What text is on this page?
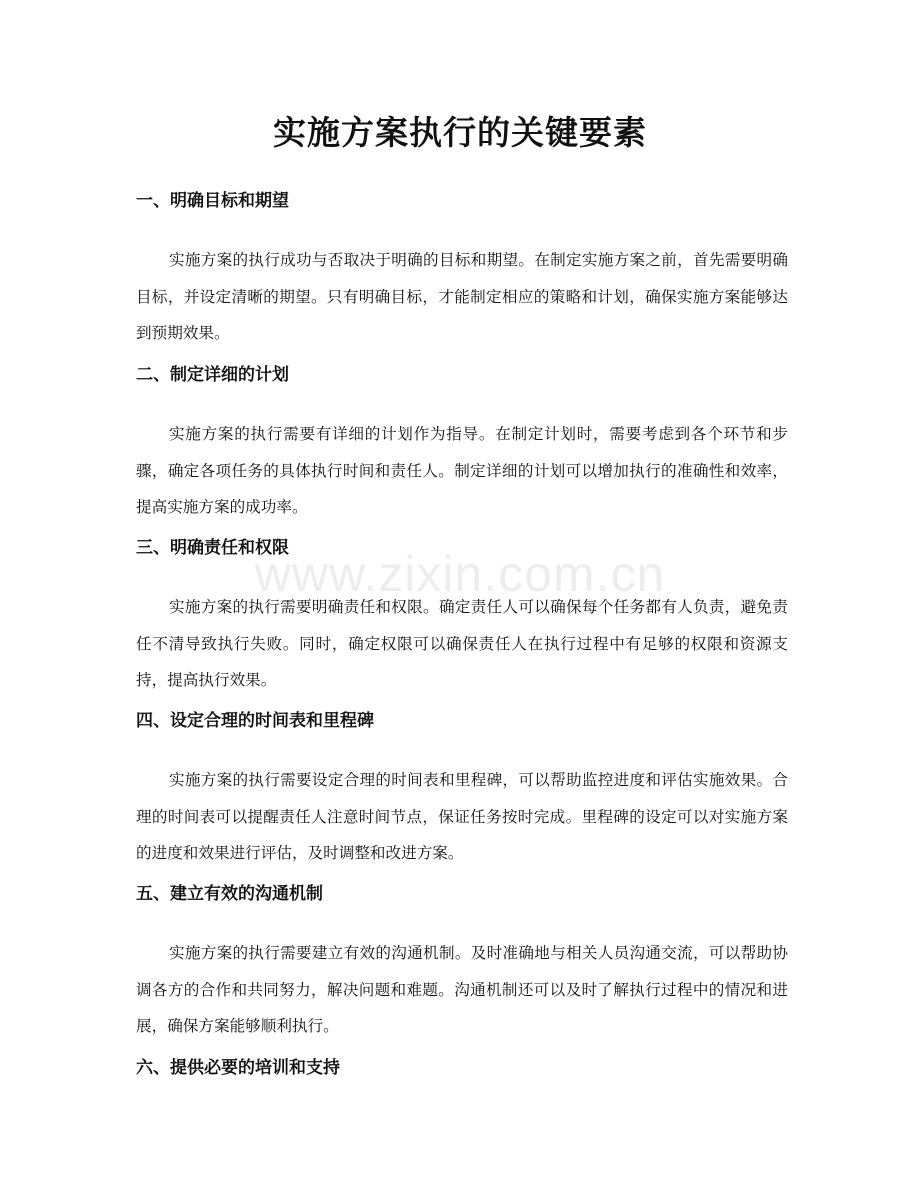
实施方案执行的关键要素
www.zixin.com.cn
一、明确目标和期望

实施方案的执行成功与否取决于明确的目标和期望。在制定实施方案之前，首先需要明确目标，并设定清晰的期望。只有明确目标，才能制定相应的策略和计划，确保实施方案能够达到预期效果。

二、制定详细的计划

实施方案的执行需要有详细的计划作为指导。在制定计划时，需要考虑到各个环节和步骤，确定各项任务的具体执行时间和责任人。制定详细的计划可以增加执行的准确性和效率，提高实施方案的成功率。

三、明确责任和权限

实施方案的执行需要明确责任和权限。确定责任人可以确保每个任务都有人负责，避免责任不清导致执行失败。同时，确定权限可以确保责任人在执行过程中有足够的权限和资源支持，提高执行效果。

四、设定合理的时间表和里程碑

实施方案的执行需要设定合理的时间表和里程碑，可以帮助监控进度和评估实施效果。合理的时间表可以提醒责任人注意时间节点，保证任务按时完成。里程碑的设定可以对实施方案的进度和效果进行评估，及时调整和改进方案。

五、建立有效的沟通机制

实施方案的执行需要建立有效的沟通机制。及时准确地与相关人员沟通交流，可以帮助协调各方的合作和共同努力，解决问题和难题。沟通机制还可以及时了解执行过程中的情况和进展，确保方案能够顺利执行。

六、提供必要的培训和支持
